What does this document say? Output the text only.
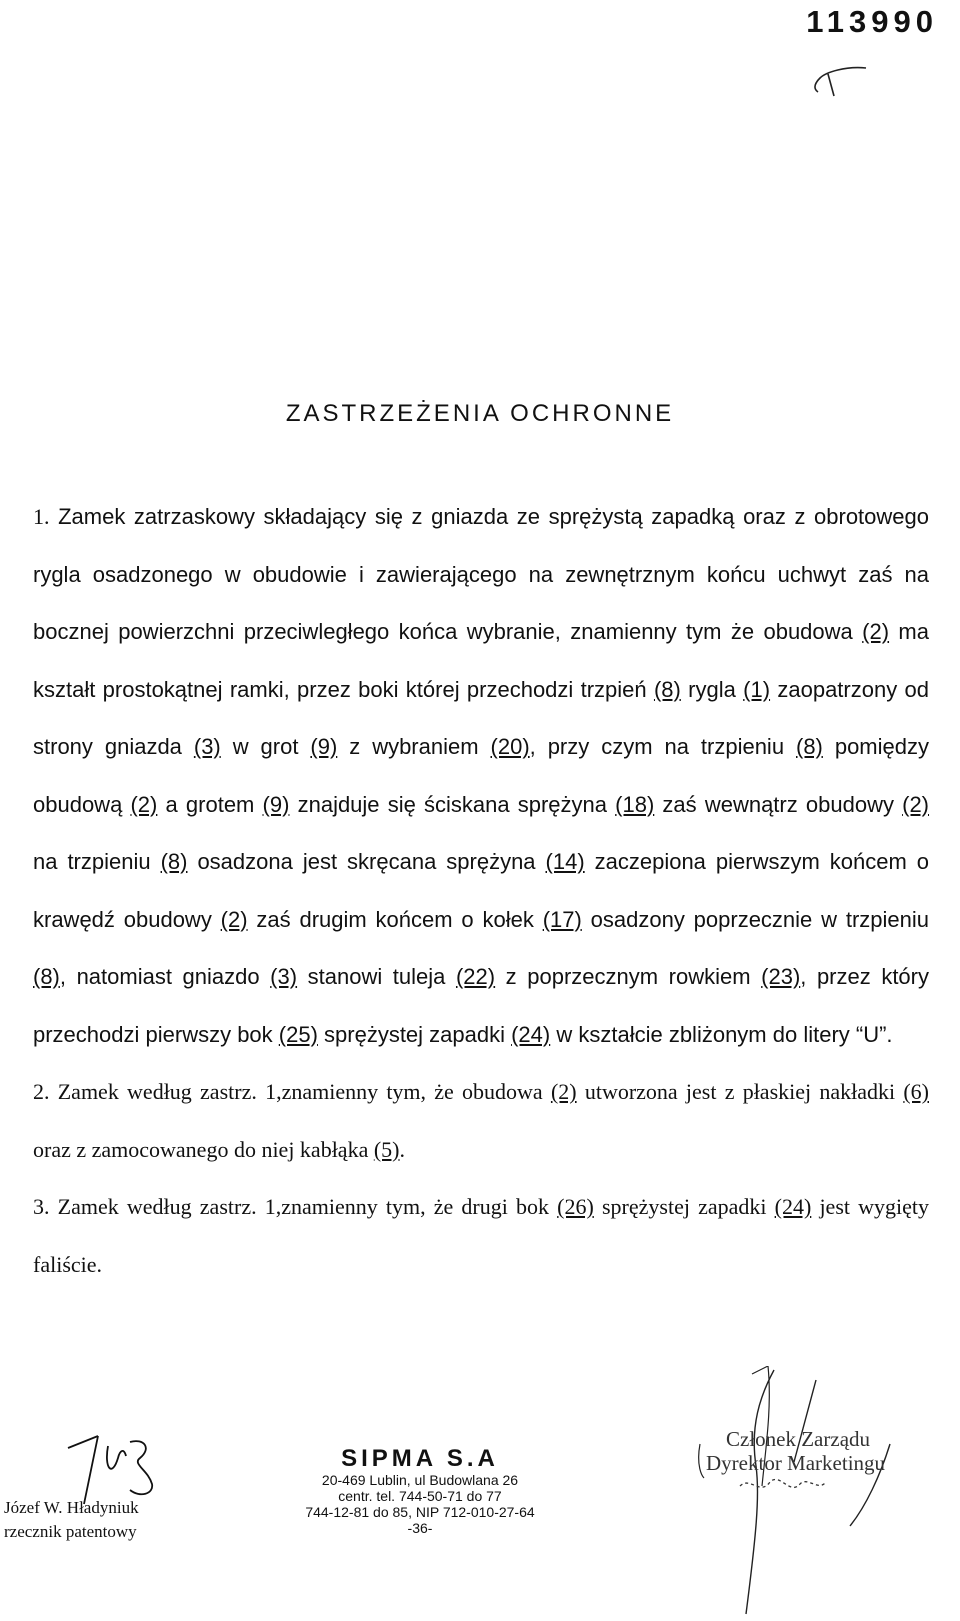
113990
ZASTRZEŻENIA OCHRONNE

1. Zamek zatrzaskowy składający się z gniazda ze sprężystą zapadką oraz z obrotowego rygla osadzonego w obudowie i zawierającego na zewnętrznym końcu uchwyt zaś na bocznej powierzchni przeciwległego końca wybranie, znamienny tym że obudowa (2) ma kształt prostokątnej ramki, przez boki której przechodzi trzpień (8) rygla (1) zaopatrzony od strony gniazda (3) w grot (9) z wybraniem (20), przy czym na trzpieniu (8) pomiędzy obudową (2) a grotem (9) znajduje się ściskana sprężyna (18) zaś wewnątrz obudowy (2) na trzpieniu (8) osadzona jest skręcana sprężyna (14) zaczepiona pierwszym końcem o krawędź obudowy (2) zaś drugim końcem o kołek (17) osadzony poprzecznie w trzpieniu (8), natomiast gniazdo (3) stanowi tuleja (22) z poprzecznym rowkiem (23), przez który przechodzi pierwszy bok (25) sprężystej zapadki (24) w kształcie zbliżonym do litery “U”.

2. Zamek według zastrz. 1,znamienny tym, że obudowa (2) utworzona jest z płaskiej nakładki (6) oraz z zamocowanego do niej kabłąka (5).

3. Zamek według zastrz. 1,znamienny tym, że drugi bok (26) sprężystej zapadki (24) jest wygięty faliście.

Józef W. Hładyniuk
rzecznik patentowy
SIPMA S.A
20-469 Lublin, ul Budowlana 26
centr. tel. 744-50-71 do 77
744-12-81 do 85, NIP 712-010-27-64
-36-
Członek Zarządu
Dyrektor Marketingu
